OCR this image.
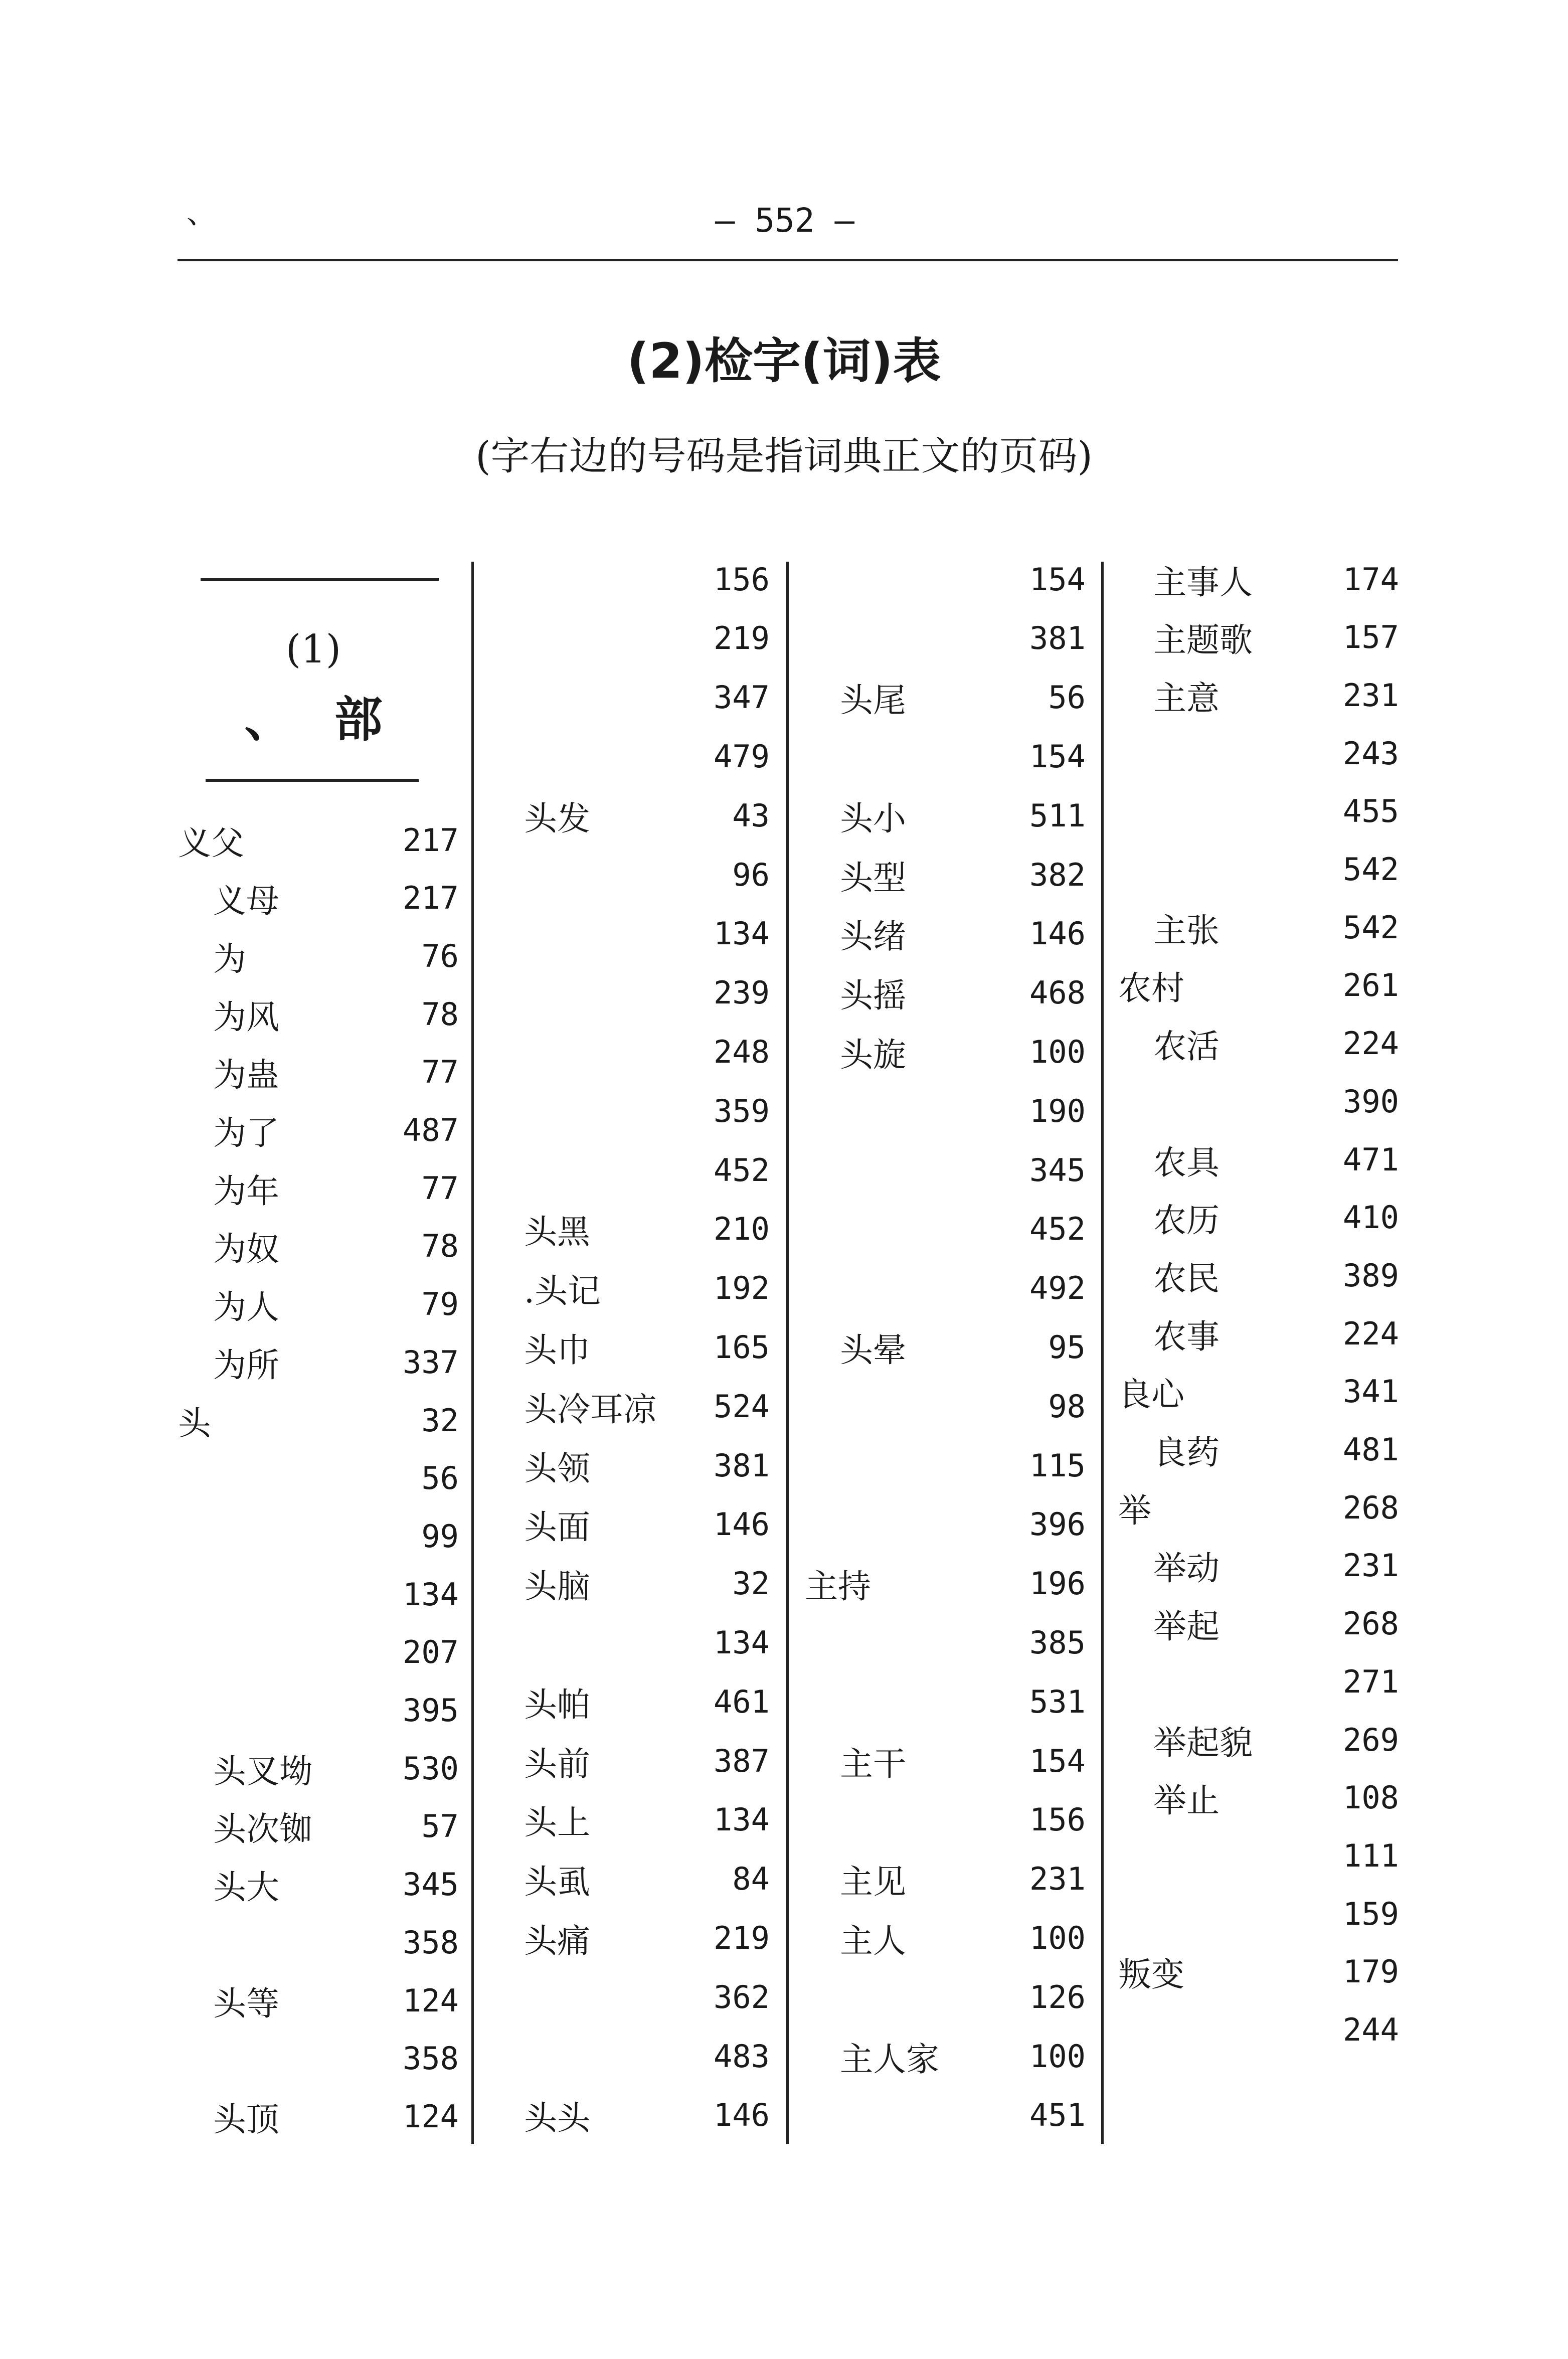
、	— 552 —
(2)检字(词)表
(字右边的号码是指词典正文的页码)
(1)
、 部
义父	217
义母	217
为	76
为风	78
为蛊	77
为了	487
为年	77
为奴	78
为人	79
为所	337
头	32
56
99
134
207
395
头叉坳	530
头次铷	57
头大	345
358
头等	124
358
头顶	124
156
219
347
479
头发	43
96
134
239
248
359
452
头黑	210
.头记	192
头巾	165
头冷耳凉	524
头领	381
头面	146
头脑	32
134
头帕	461
头前	387
头上	134
头虱	84
头痛	219
362
483
头头	146
154
381
头尾	56
154
头小	511
头型	382
头绪	146
头摇	468
头旋	100
190
345
452
492
头晕	95
98
115
396
主持	196
385
531
主干	154
156
主见	231
主人	100
126
主人家	100
451
主事人	174
主题歌	157
主意	231
243
455
542
主张	542
农村	261
农活	224
390
农具	471
农历	410
农民	389
农事	224
良心	341
良药	481
举	268
举动	231
举起	268
271
举起貌	269
举止	108
111
159
叛变	179
244
